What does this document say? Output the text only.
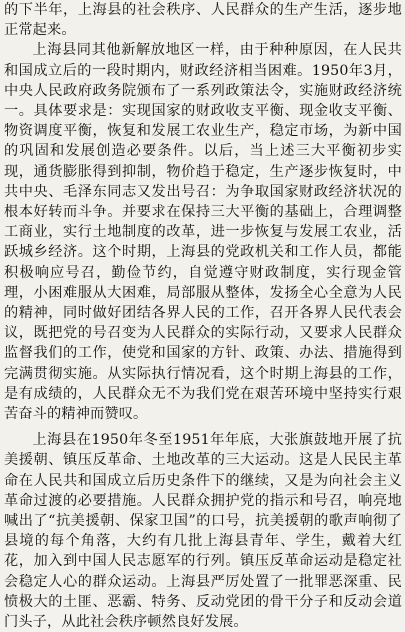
的下半年，上海县的社会秩序、人民群众的生产生活，逐步地正常起来。

上海县同其他新解放地区一样，由于种种原因，在人民共和国成立后的一段时期内，财政经济相当困难。1950年3月，中央人民政府政务院颁布了一系列政策法令，实施财政经济统一。具体要求是：实现国家的财政收支平衡、现金收支平衡、物资调度平衡，恢复和发展工农业生产，稳定市场，为新中国的巩固和发展创造必要条件。以后，当上述三大平衡初步实现，通货膨胀得到抑制，物价趋于稳定，生产逐步恢复时，中共中央、毛泽东同志又发出号召：为争取国家财政经济状况的根本好转而斗争。并要求在保持三大平衡的基础上，合理调整工商业，实行土地制度的改革，进一步恢复与发展工农业，活跃城乡经济。这个时期，上海县的党政机关和工作人员，都能积极响应号召，勤俭节约，自觉遵守财政制度，实行现金管理，小困难服从大困难，局部服从整体，发扬全心全意为人民的精神，同时做好团结各界人民的工作，召开各界人民代表会议，既把党的号召变为人民群众的实际行动，又要求人民群众监督我们的工作，使党和国家的方针、政策、办法、措施得到完满贯彻实施。从实际执行情况看，这个时期上海县的工作，是有成绩的，人民群众无不为我们党在艰苦环境中坚持实行艰苦奋斗的精神而赞叹。

上海县在1950年冬至1951年年底，大张旗鼓地开展了抗美援朝、镇压反革命、土地改革的三大运动。这是人民民主革命在人民共和国成立后历史条件下的继续，又是为向社会主义革命过渡的必要措施。人民群众拥护党的指示和号召，响亮地喊出了“抗美援朝、保家卫国”的口号，抗美援朝的歌声响彻了县境的每个角落，大约有几批上海县青年、学生，戴着大红花，加入到中国人民志愿军的行列。镇压反革命运动是稳定社会稳定人心的群众运动。上海县严厉处置了一批罪恶深重、民愤极大的土匪、恶霸、特务、反动党团的骨干分子和反动会道门头子，从此社会秩序顿然良好发展。
